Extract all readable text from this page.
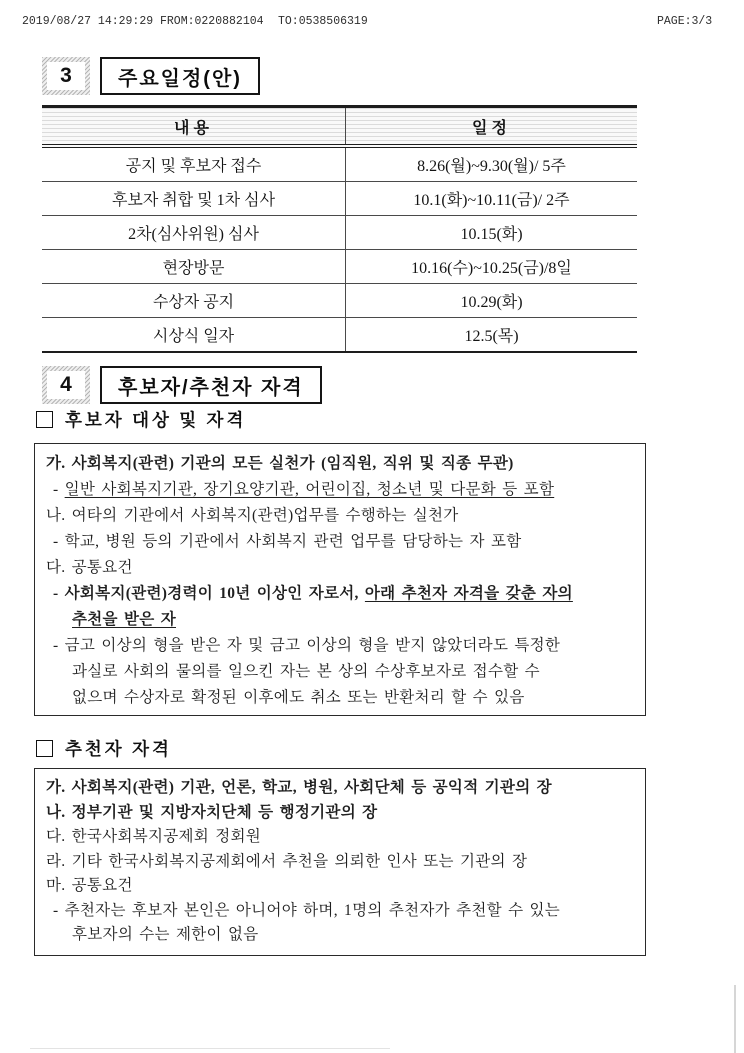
2019/08/27 14:29:29 FROM:0220882104 TO:0538506319	PAGE:3/3
3	주요일정(안)
내용	일정
공지 및 후보자 접수	8.26(월)~9.30(월)/ 5주
후보자 취합 및 1차 심사	10.1(화)~10.11(금)/ 2주
2차(심사위원) 심사	10.15(화)
현장방문	10.16(수)~10.25(금)/8일
수상자 공지	10.29(화)
시상식 일자	12.5(목)
4	후보자/추천자 자격
후보자 대상 및 자격
가. 사회복지(관련) 기관의 모든 실천가 (임직원, 직위 및 직종 무관)
- 일반 사회복지기관, 장기요양기관, 어린이집, 청소년 및 다문화 등 포함
나. 여타의 기관에서 사회복지(관련)업무를 수행하는 실천가
- 학교, 병원 등의 기관에서 사회복지 관련 업무를 담당하는 자 포함
다. 공통요건
- 사회복지(관련)경력이 10년 이상인 자로서, 아래 추천자 자격을 갖춘 자의
추천을 받은 자
- 금고 이상의 형을 받은 자 및 금고 이상의 형을 받지 않았더라도 특정한
과실로 사회의 물의를 일으킨 자는 본 상의 수상후보자로 접수할 수
없으며 수상자로 확정된 이후에도 취소 또는 반환처리 할 수 있음
추천자 자격
가. 사회복지(관련) 기관, 언론, 학교, 병원, 사회단체 등 공익적 기관의 장
나. 정부기관 및 지방자치단체 등 행정기관의 장
다. 한국사회복지공제회 정회원
라. 기타 한국사회복지공제회에서 추천을 의뢰한 인사 또는 기관의 장
마. 공통요건
- 추천자는 후보자 본인은 아니어야 하며, 1명의 추천자가 추천할 수 있는
후보자의 수는 제한이 없음
